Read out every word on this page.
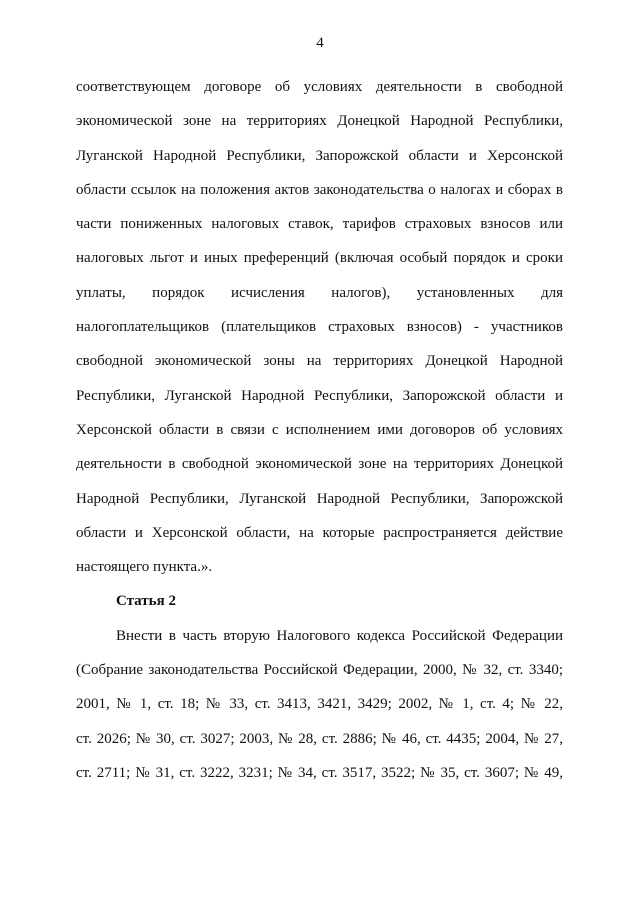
4
соответствующем договоре об условиях деятельности в свободной
экономической зоне на территориях Донецкой Народной Республики,
Луганской Народной Республики, Запорожской области и Херсонской
области ссылок на положения актов законодательства о налогах и сборах в
части пониженных налоговых ставок, тарифов страховых взносов или
налоговых льгот и иных преференций (включая особый порядок и сроки
уплаты, порядок исчисления налогов), установленных для
налогоплательщиков (плательщиков страховых взносов) - участников
свободной экономической зоны на территориях Донецкой Народной
Республики, Луганской Народной Республики, Запорожской области и
Херсонской области в связи с исполнением ими договоров об условиях
деятельности в свободной экономической зоне на территориях Донецкой
Народной Республики, Луганской Народной Республики, Запорожской
области и Херсонской области, на которые распространяется действие
настоящего пункта.».
Статья 2
Внести в часть вторую Налогового кодекса Российской Федерации
(Собрание законодательства Российской Федерации, 2000, № 32, ст. 3340;
2001, № 1, ст. 18; № 33, ст. 3413, 3421, 3429; 2002, № 1, ст. 4; № 22,
ст. 2026; № 30, ст. 3027; 2003, № 28, ст. 2886; № 46, ст. 4435; 2004, № 27,
ст. 2711; № 31, ст. 3222, 3231; № 34, ст. 3517, 3522; № 35, ст. 3607; № 49,
